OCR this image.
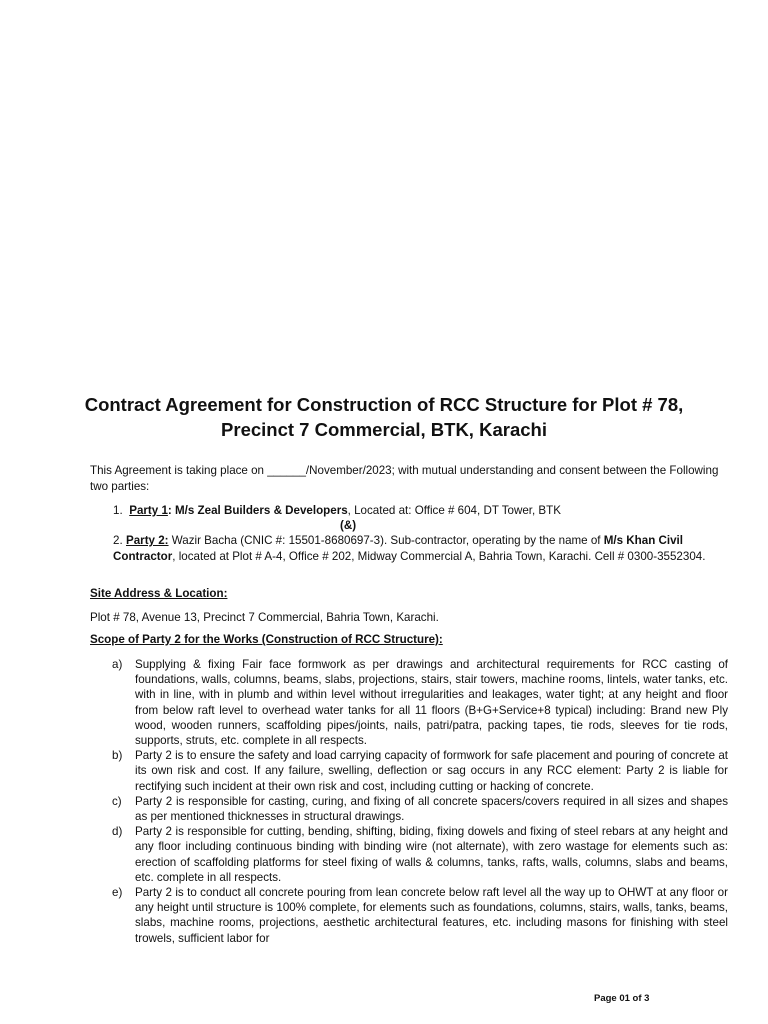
Contract Agreement for Construction of RCC Structure for Plot # 78,
Precinct 7 Commercial, BTK, Karachi
This Agreement is taking place on ______/November/2023; with mutual understanding and consent between the Following two parties:
1. Party 1: M/s Zeal Builders & Developers, Located at: Office # 604, DT Tower, BTK
(&)
2. Party 2: Wazir Bacha (CNIC #: 15501-8680697-3). Sub-contractor, operating by the name of M/s Khan Civil Contractor, located at Plot # A-4, Office # 202, Midway Commercial A, Bahria Town, Karachi. Cell # 0300-3552304.
Site Address & Location:
Plot # 78, Avenue 13, Precinct 7 Commercial, Bahria Town, Karachi.
Scope of Party 2 for the Works (Construction of RCC Structure):
a) Supplying & fixing Fair face formwork as per drawings and architectural requirements for RCC casting of foundations, walls, columns, beams, slabs, projections, stairs, stair towers, machine rooms, lintels, water tanks, etc. with in line, with in plumb and within level without irregularities and leakages, water tight; at any height and floor from below raft level to overhead water tanks for all 11 floors (B+G+Service+8 typical) including: Brand new Ply wood, wooden runners, scaffolding pipes/joints, nails, patri/patra, packing tapes, tie rods, sleeves for tie rods, supports, struts, etc. complete in all respects.
b) Party 2 is to ensure the safety and load carrying capacity of formwork for safe placement and pouring of concrete at its own risk and cost. If any failure, swelling, deflection or sag occurs in any RCC element: Party 2 is liable for rectifying such incident at their own risk and cost, including cutting or hacking of concrete.
c) Party 2 is responsible for casting, curing, and fixing of all concrete spacers/covers required in all sizes and shapes as per mentioned thicknesses in structural drawings.
d) Party 2 is responsible for cutting, bending, shifting, biding, fixing dowels and fixing of steel rebars at any height and any floor including continuous binding with binding wire (not alternate), with zero wastage for elements such as: erection of scaffolding platforms for steel fixing of walls & columns, tanks, rafts, walls, columns, slabs and beams, etc. complete in all respects.
e) Party 2 is to conduct all concrete pouring from lean concrete below raft level all the way up to OHWT at any floor or any height until structure is 100% complete, for elements such as foundations, columns, stairs, walls, tanks, beams, slabs, machine rooms, projections, aesthetic architectural features, etc. including masons for finishing with steel trowels, sufficient labor for
Page 01 of 3
